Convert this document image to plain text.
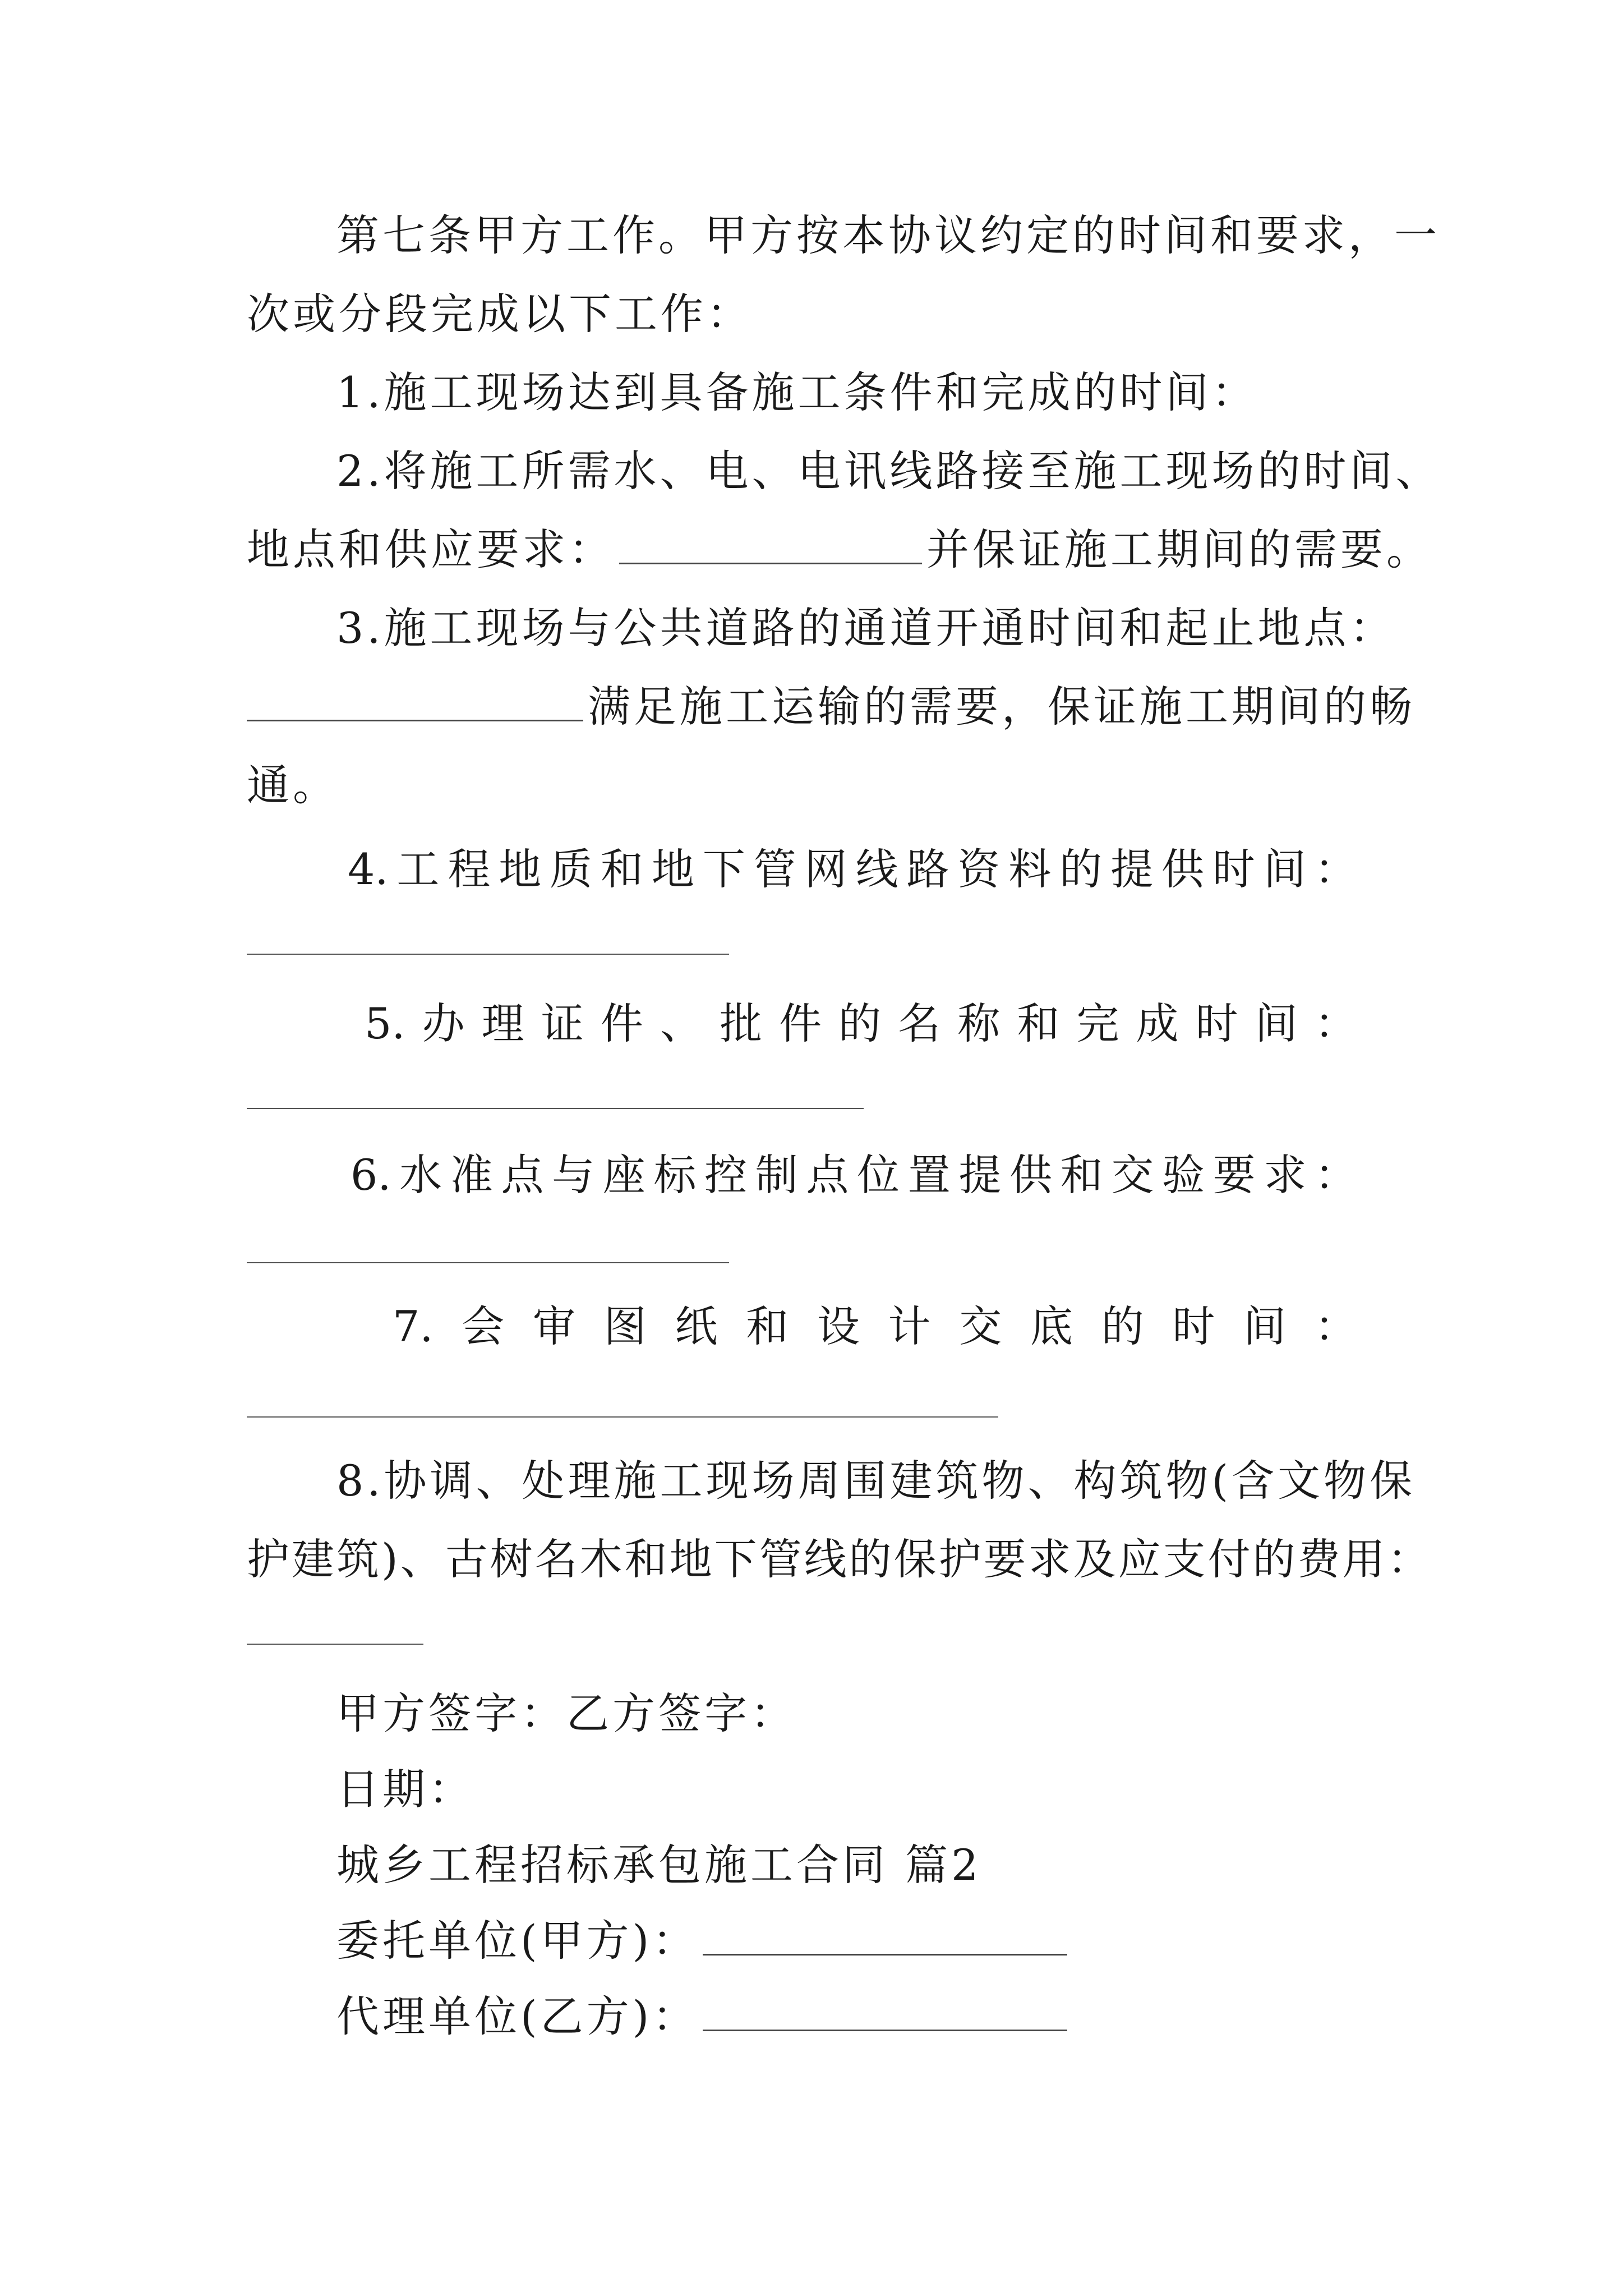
第七条甲方工作。甲方按本协议约定的时间和要求，一
次或分段完成以下工作：
1.施工现场达到具备施工条件和完成的时间：
2.将施工所需水、电、电讯线路接至施工现场的时间、
地点和供应要求：	并保证施工期间的需要。
3.施工现场与公共道路的通道开通时间和起止地点：
满足施工运输的需要，保证施工期间的畅
通。
4. 工 程 地 质 和 地 下 管 网 线 路 资 料 的 提 供 时 间 ：
5. 办 理 证 件 、 批 件 的 名 称 和 完 成 时 间 ：
6. 水 准 点 与 座 标 控 制 点 位 置 提 供 和 交 验 要 求 ：
7. 会 审 图 纸 和 设 计 交 底 的 时 间 ：
8.协调、处理施工现场周围建筑物、构筑物(含文物保
护建筑)、古树名木和地下管线的保护要求及应支付的费用：
甲方签字：乙方签字：
日期：
城乡工程招标承包施工合同 篇2
委托单位(甲方)：
代理单位(乙方)：
